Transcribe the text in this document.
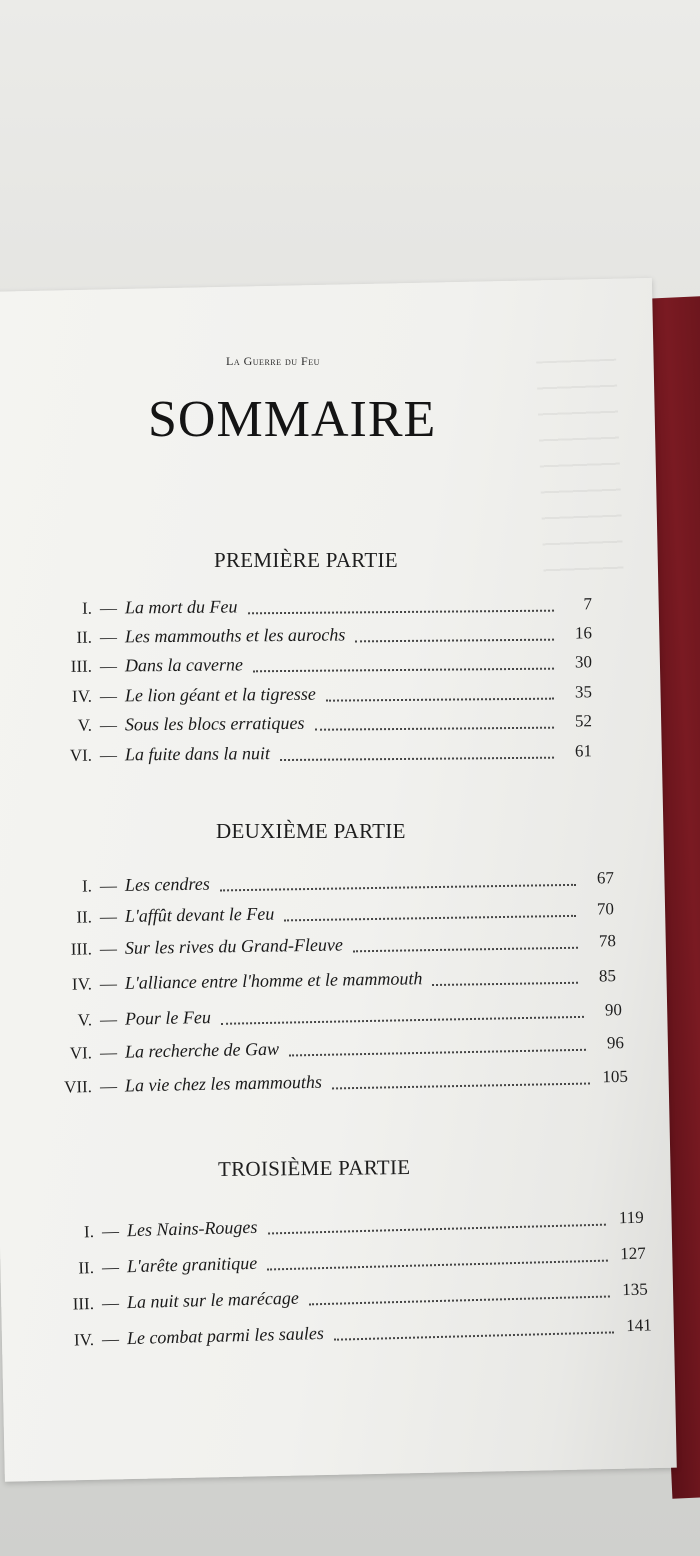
La Guerre du Feu
SOMMAIRE
PREMIÈRE PARTIE
I. — La mort du Feu	7
II. — Les mammouths et les aurochs	16
III. — Dans la caverne	30
IV. — Le lion géant et la tigresse	35
V. — Sous les blocs erratiques	52
VI. — La fuite dans la nuit	61
DEUXIÈME PARTIE
I. — Les cendres	67
II. — L'affût devant le Feu	70
III. — Sur les rives du Grand-Fleuve	78
IV. — L'alliance entre l'homme et le mammouth	85
V. — Pour le Feu	90
VI. — La recherche de Gaw	96
VII. — La vie chez les mammouths	105
TROISIÈME PARTIE
I. — Les Nains-Rouges	119
II. — L'arête granitique	127
III. — La nuit sur le marécage	135
IV. — Le combat parmi les saules	141
